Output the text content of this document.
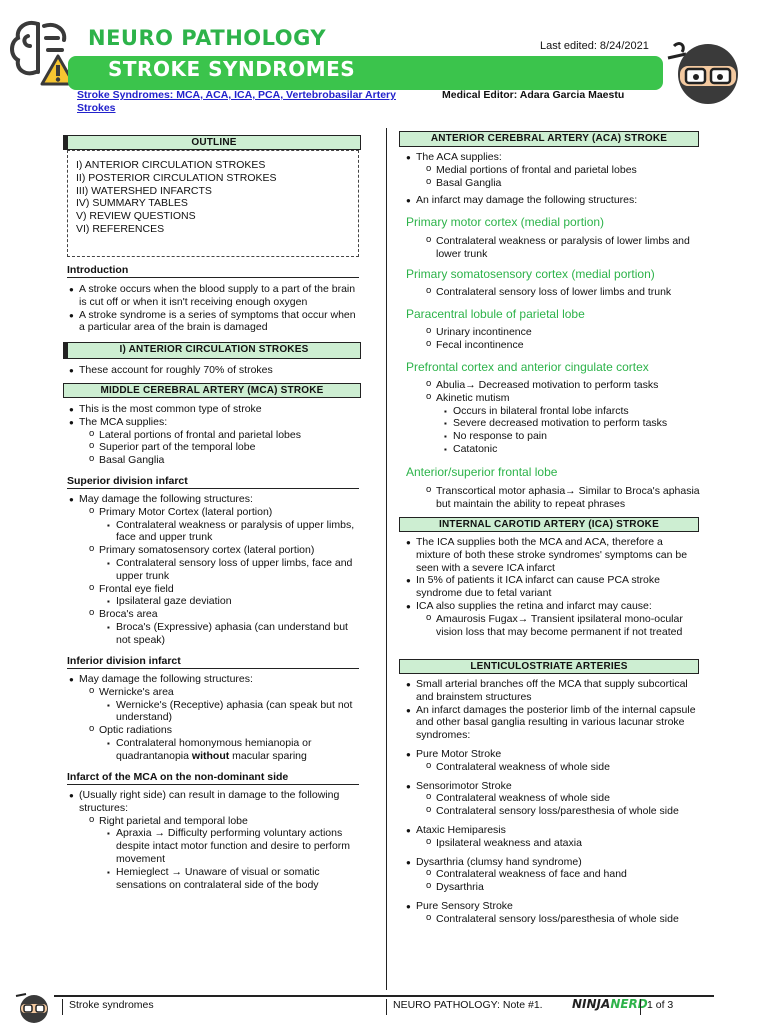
NEURO PATHOLOGY
STROKE SYNDROMES
Last edited: 8/24/2021
Stroke Syndromes: MCA, ACA, ICA, PCA, Vertebrobasilar Artery Strokes
Medical Editor: Adara Garcia Maestu
OUTLINE
I) ANTERIOR CIRCULATION STROKES
II) POSTERIOR CIRCULATION STROKES
III) WATERSHED INFARCTS
IV) SUMMARY TABLES
V) REVIEW QUESTIONS
VI) REFERENCES
Introduction
● A stroke occurs when the blood supply to a part of the brain is cut off or when it isn't receiving enough oxygen
● A stroke syndrome is a series of symptoms that occur when a particular area of the brain is damaged
I) ANTERIOR CIRCULATION STROKES
● These account for roughly 70% of strokes
MIDDLE CEREBRAL ARTERY (MCA) STROKE
● This is the most common type of stroke
● The MCA supplies:
o Lateral portions of frontal and parietal lobes
o Superior part of the temporal lobe
o Basal Ganglia
Superior division infarct
● May damage the following structures:
o Primary Motor Cortex (lateral portion)
▪ Contralateral weakness or paralysis of upper limbs, face and upper trunk
o Primary somatosensory cortex (lateral portion)
▪ Contralateral sensory loss of upper limbs, face and upper trunk
o Frontal eye field
▪ Ipsilateral gaze deviation
o Broca's area
▪ Broca's (Expressive) aphasia (can understand but not speak)
Inferior division infarct
● May damage the following structures:
o Wernicke's area
▪ Wernicke's (Receptive) aphasia (can speak but not understand)
o Optic radiations
▪ Contralateral homonymous hemianopia or quadrantanopia without macular sparing
Infarct of the MCA on the non-dominant side
● (Usually right side) can result in damage to the following structures:
o Right parietal and temporal lobe
▪ Apraxia → Difficulty performing voluntary actions despite intact motor function and desire to perform movement
▪ Hemieglect → Unaware of visual or somatic sensations on contralateral side of the body
ANTERIOR CEREBRAL ARTERY (ACA) STROKE
● The ACA supplies:
o Medial portions of frontal and parietal lobes
o Basal Ganglia
● An infarct may damage the following structures:
Primary motor cortex (medial portion)
o Contralateral weakness or paralysis of lower limbs and lower trunk
Primary somatosensory cortex (medial portion)
o Contralateral sensory loss of lower limbs and trunk
Paracentral lobule of parietal lobe
o Urinary incontinence
o Fecal incontinence
Prefrontal cortex and anterior cingulate cortex
o Abulia→ Decreased motivation to perform tasks
o Akinetic mutism
▪ Occurs in bilateral frontal lobe infarcts
▪ Severe decreased motivation to perform tasks
▪ No response to pain
▪ Catatonic
Anterior/superior frontal lobe
o Transcortical motor aphasia→ Similar to Broca's aphasia but maintain the ability to repeat phrases
INTERNAL CAROTID ARTERY (ICA) STROKE
● The ICA supplies both the MCA and ACA, therefore a mixture of both these stroke syndromes' symptoms can be seen with a severe ICA infarct
● In 5% of patients it ICA infarct can cause PCA stroke syndrome due to fetal variant
● ICA also supplies the retina and infarct may cause:
o Amaurosis Fugax→ Transient ipsilateral mono-ocular vision loss that may become permanent if not treated
LENTICULOSTRIATE ARTERIES
● Small arterial branches off the MCA that supply subcortical and brainstem structures
● An infarct damages the posterior limb of the internal capsule and other basal ganglia resulting in various lacunar stroke syndromes:
● Pure Motor Stroke
o Contralateral weakness of whole side
● Sensorimotor Stroke
o Contralateral weakness of whole side
o Contralateral sensory loss/paresthesia of whole side
● Ataxic Hemiparesis
o Ipsilateral weakness and ataxia
● Dysarthria (clumsy hand syndrome)
o Contralateral weakness of face and hand
o Dysarthria
● Pure Sensory Stroke
o Contralateral sensory loss/paresthesia of whole side
Stroke syndromes	NEURO PATHOLOGY: Note #1. NINJANERD 1 of 3
